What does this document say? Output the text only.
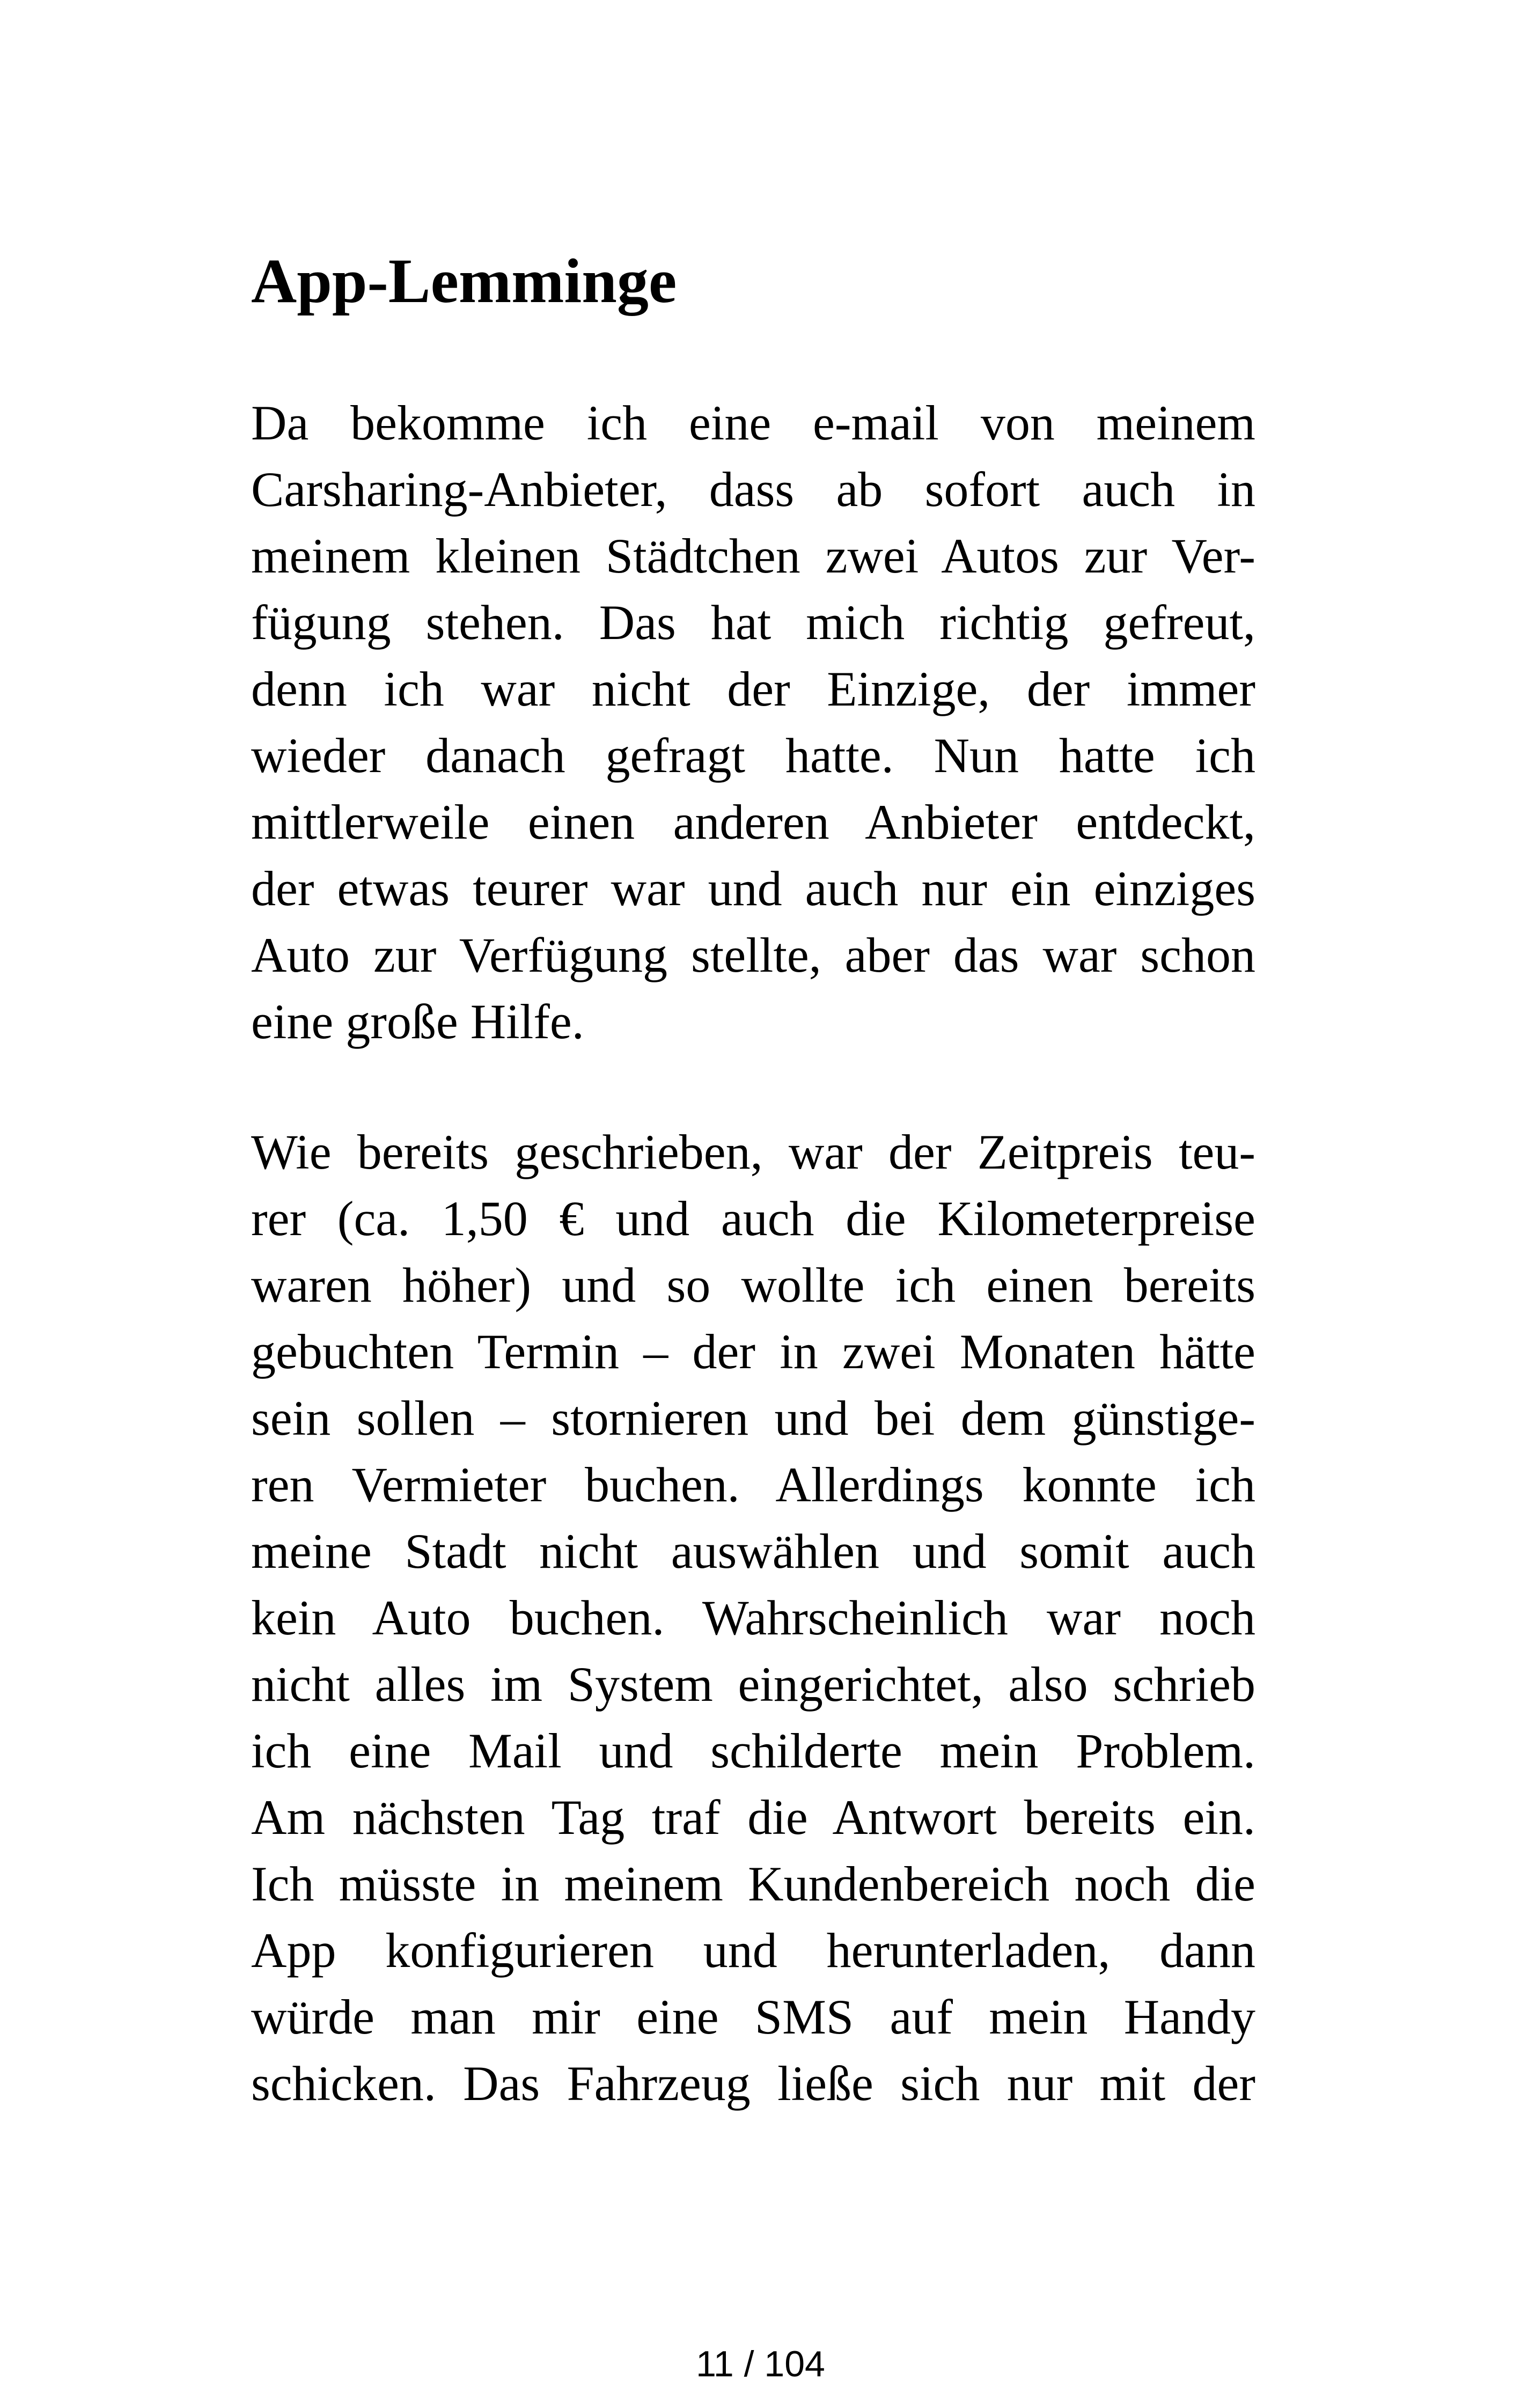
App-Lemminge
Da bekomme ich eine e-mail von meinem
Carsharing-Anbieter, dass ab sofort auch in
meinem kleinen Städtchen zwei Autos zur Ver-
fügung stehen. Das hat mich richtig gefreut,
denn ich war nicht der Einzige, der immer
wieder danach gefragt hatte. Nun hatte ich
mittlerweile einen anderen Anbieter entdeckt,
der etwas teurer war und auch nur ein einziges
Auto zur Verfügung stellte, aber das war schon
eine große Hilfe.
Wie bereits geschrieben, war der Zeitpreis teu-
rer (ca. 1,50 € und auch die Kilometerpreise
waren höher) und so wollte ich einen bereits
gebuchten Termin – der in zwei Monaten hätte
sein sollen – stornieren und bei dem günstige-
ren Vermieter buchen. Allerdings konnte ich
meine Stadt nicht auswählen und somit auch
kein Auto buchen. Wahrscheinlich war noch
nicht alles im System eingerichtet, also schrieb
ich eine Mail und schilderte mein Problem.
Am nächsten Tag traf die Antwort bereits ein.
Ich müsste in meinem Kundenbereich noch die
App konfigurieren und herunterladen, dann
würde man mir eine SMS auf mein Handy
schicken. Das Fahrzeug ließe sich nur mit der
11 / 104
